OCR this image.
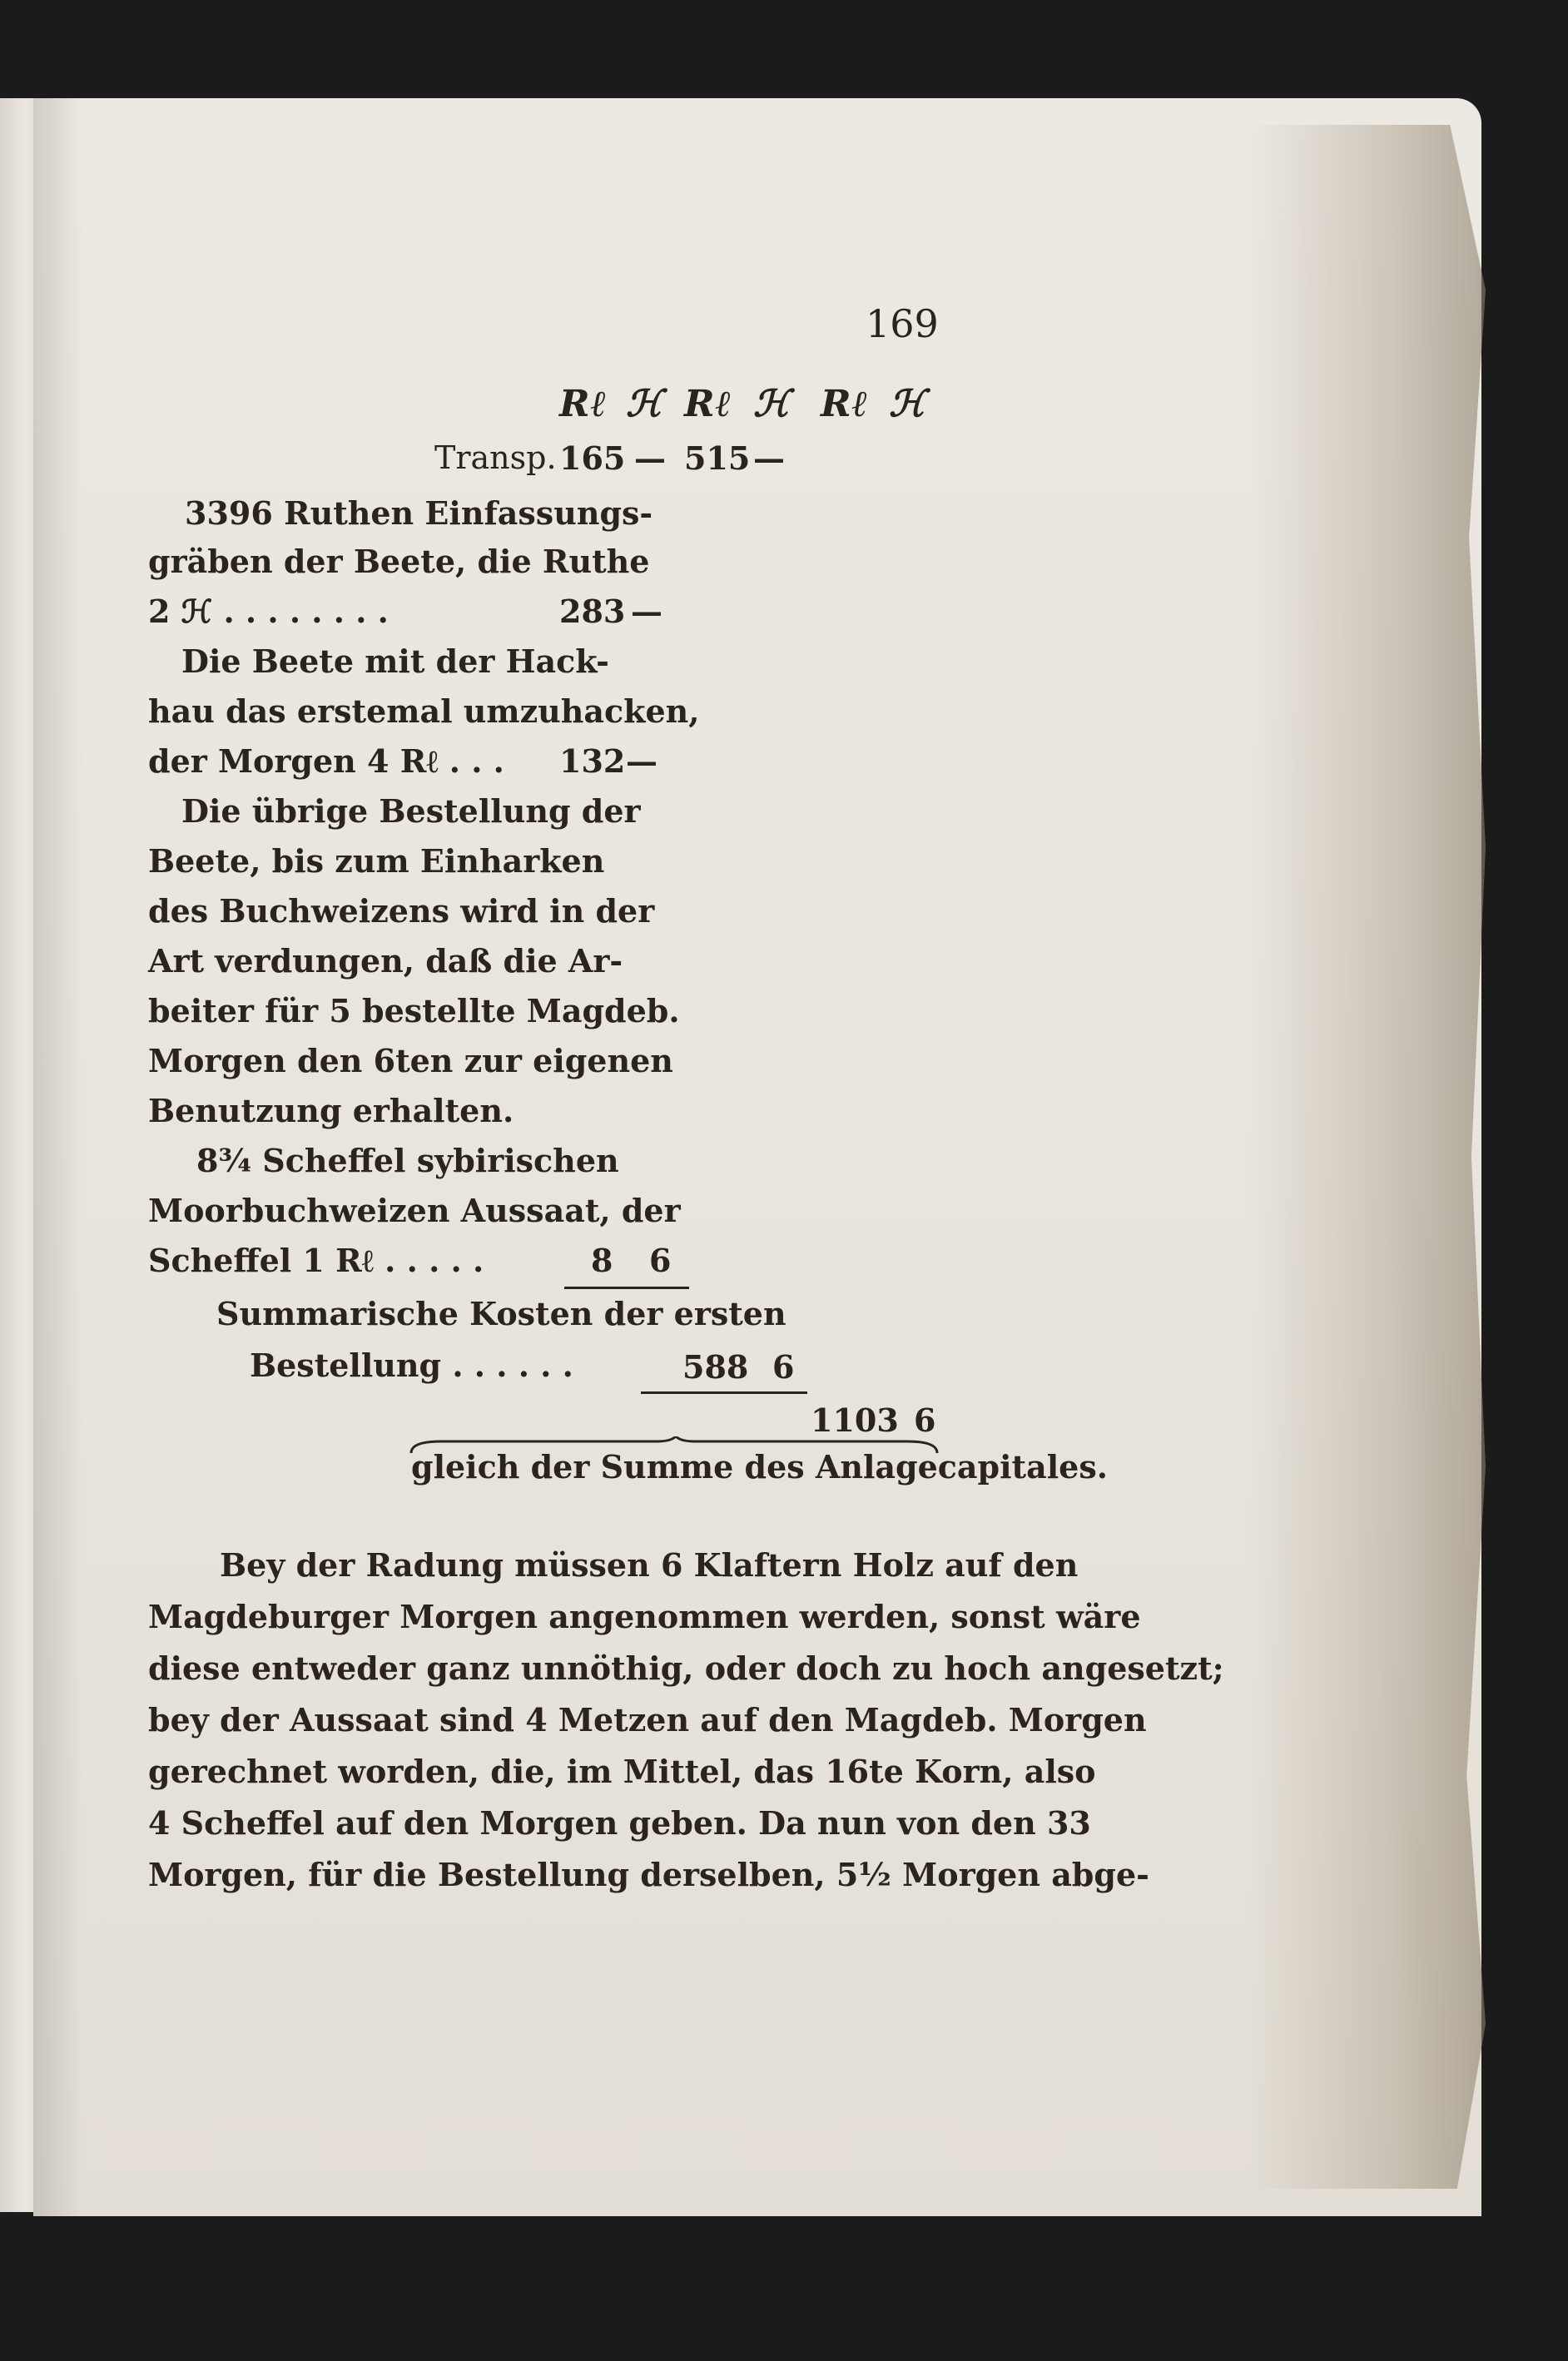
169
Rℓ ℋ Rℓ ℋ Rℓ ℋ
Transp. 165 — 515 —
3396 Ruthen Einfassungs-
gräben der Beete, die Ruthe
2 ℋ . . . . . . . .	283 —
Die Beete mit der Hack-
hau das erstemal umzuhacken,
der Morgen 4 Rℓ . . . 132 —
Die übrige Bestellung der
Beete, bis zum Einharken
des Buchweizens wird in der
Art verdungen, daß die Ar-
beiter für 5 bestellte Magdeb.
Morgen den 6ten zur eigenen
Benutzung erhalten.
8¾ Scheffel sybirischen
Moorbuchweizen Aussaat, der
Scheffel 1 Rℓ . . . . .	8 6
Summarische Kosten der ersten
Bestellung . . . . . .	588 6
1103 6
gleich der Summe des Anlagecapitales.
Bey der Radung müssen 6 Klaftern Holz auf den
Magdeburger Morgen angenommen werden, sonst wäre
diese entweder ganz unnöthig, oder doch zu hoch angesetzt;
bey der Aussaat sind 4 Metzen auf den Magdeb. Morgen
gerechnet worden, die, im Mittel, das 16te Korn, also
4 Scheffel auf den Morgen geben. Da nun von den 33
Morgen, für die Bestellung derselben, 5½ Morgen abge-
